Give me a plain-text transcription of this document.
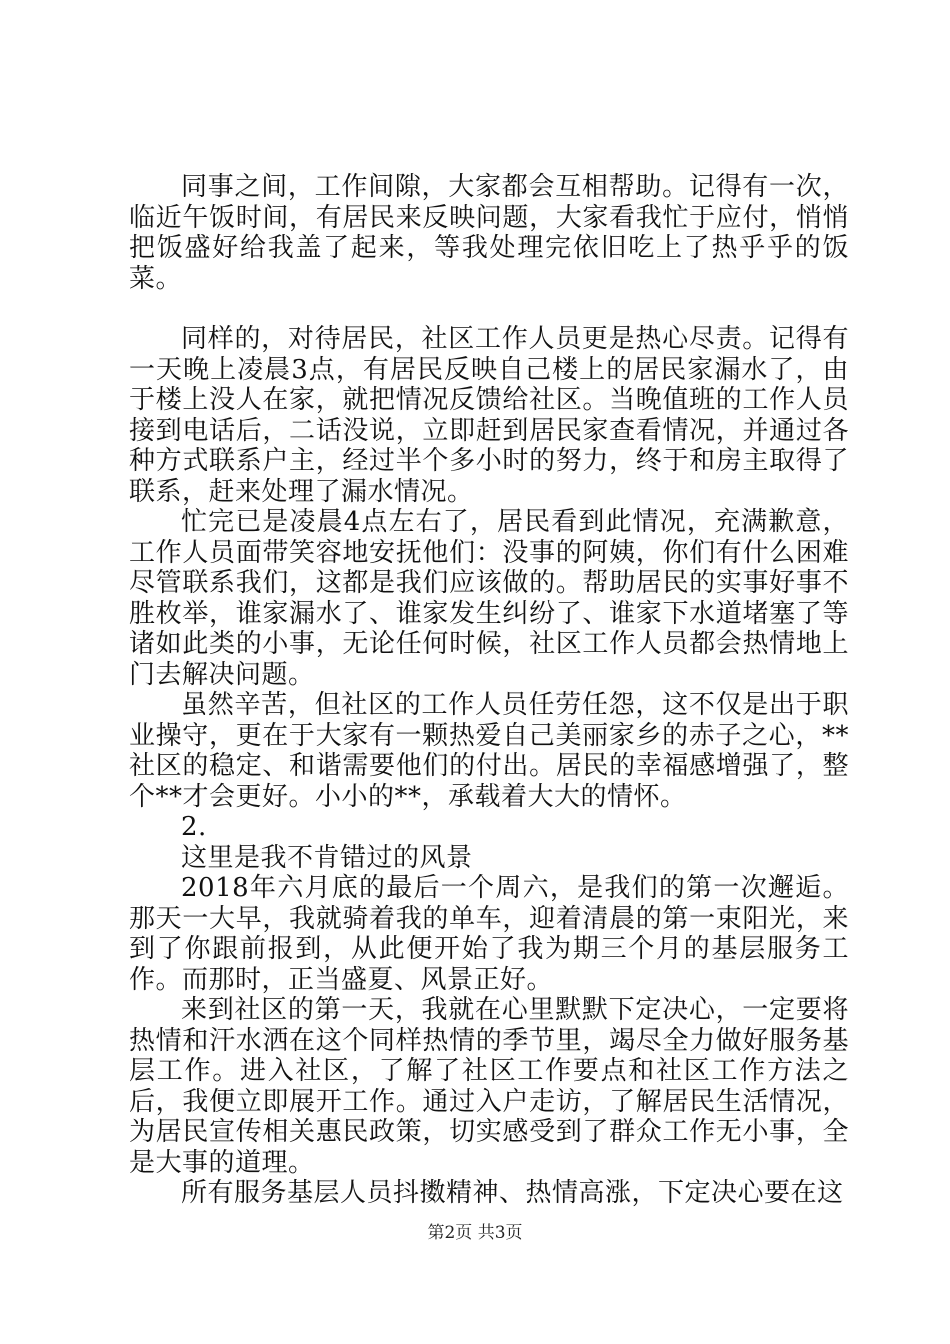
同事之间，工作间隙，大家都会互相帮助。记得有一次，临近午饭时间，有居民来反映问题，大家看我忙于应付，悄悄把饭盛好给我盖了起来，等我处理完依旧吃上了热乎乎的饭菜。

同样的，对待居民，社区工作人员更是热心尽责。记得有一天晚上凌晨3点，有居民反映自己楼上的居民家漏水了，由于楼上没人在家，就把情况反馈给社区。当晚值班的工作人员接到电话后，二话没说，立即赶到居民家查看情况，并通过各种方式联系户主，经过半个多小时的努力，终于和房主取得了联系，赶来处理了漏水情况。

忙完已是凌晨4点左右了，居民看到此情况，充满歉意，工作人员面带笑容地安抚他们：没事的阿姨，你们有什么困难尽管联系我们，这都是我们应该做的。帮助居民的实事好事不胜枚举，谁家漏水了、谁家发生纠纷了、谁家下水道堵塞了等诸如此类的小事，无论任何时候，社区工作人员都会热情地上门去解决问题。

虽然辛苦，但社区的工作人员任劳任怨，这不仅是出于职业操守，更在于大家有一颗热爱自己美丽家乡的赤子之心，**社区的稳定、和谐需要他们的付出。居民的幸福感增强了，整个**才会更好。小小的**，承载着大大的情怀。

2.

这里是我不肯错过的风景

2018年六月底的最后一个周六，是我们的第一次邂逅。那天一大早，我就骑着我的单车，迎着清晨的第一束阳光，来到了你跟前报到，从此便开始了我为期三个月的基层服务工作。而那时，正当盛夏、风景正好。

来到社区的第一天，我就在心里默默下定决心，一定要将热情和汗水洒在这个同样热情的季节里，竭尽全力做好服务基层工作。进入社区，了解了社区工作要点和社区工作方法之后，我便立即展开工作。通过入户走访，了解居民生活情况，为居民宣传相关惠民政策，切实感受到了群众工作无小事，全是大事的道理。

所有服务基层人员抖擞精神、热情高涨，下定决心要在这

第2页 共3页
